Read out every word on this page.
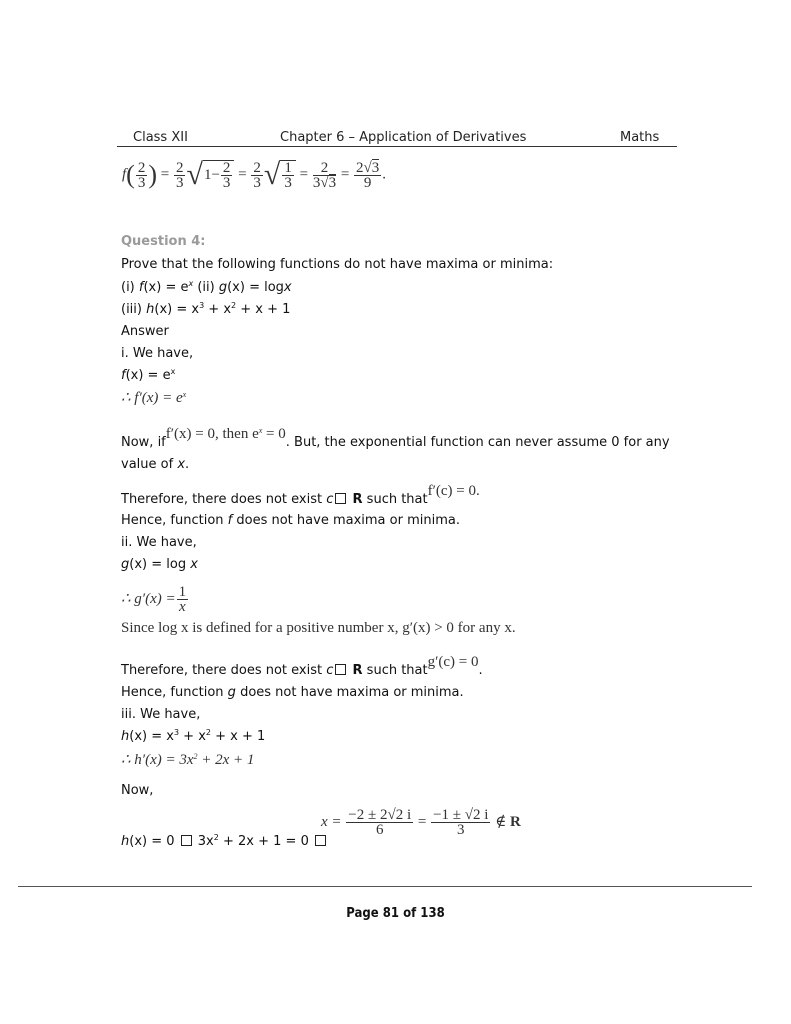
Class XII	Chapter 6 – Application of Derivatives	Maths
$f( \frac{2}{3}$ ) = $\frac{2}{3} √1- \frac{2}{3} = \frac{2}{3}$ √ $\frac{1}{3} = \frac{2}{3√3} = \frac{2√3}{9}$ .
Question 4:
Prove that the following functions do not have maxima or minima:
(i) $f(x) = e^x$ (ii) g(x) = logx
(iii) $h(x) = x^3 + x^2 + x + 1$
Answer
i. We have,
$f(x) = e^x$
∴ $f'(x) = e^x$
Now, iff′(x) = 0, then $e^x = 0$. But, the exponential function can never assume 0 for any
value of x.
Therefore, there does not exist c R such thatf′(c) = 0.
Hence, function f does not have maxima or minima.
ii. We have,
g(x) = log x
∴ $g'(x) = \frac{1}{x}$
Since log x is defined for a positive number x, g′(x) > 0 for any x.
Therefore, there does not exist c R such thatg′(c) = 0.
Hence, function g does not have maxima or minima.
iii. We have,
$h(x) = x^3 + x^2 + x + 1$
∴ $h'(x) = 3x^2 + 2x + 1$
Now,
h(x) = 0  $3x^2 + 2x + 1 = 0$
$x = \frac{-2 \pm 2√2 i}{6} = \frac{-1 \pm √2 i}{3}$ ∉ R
Page 81 of 138
